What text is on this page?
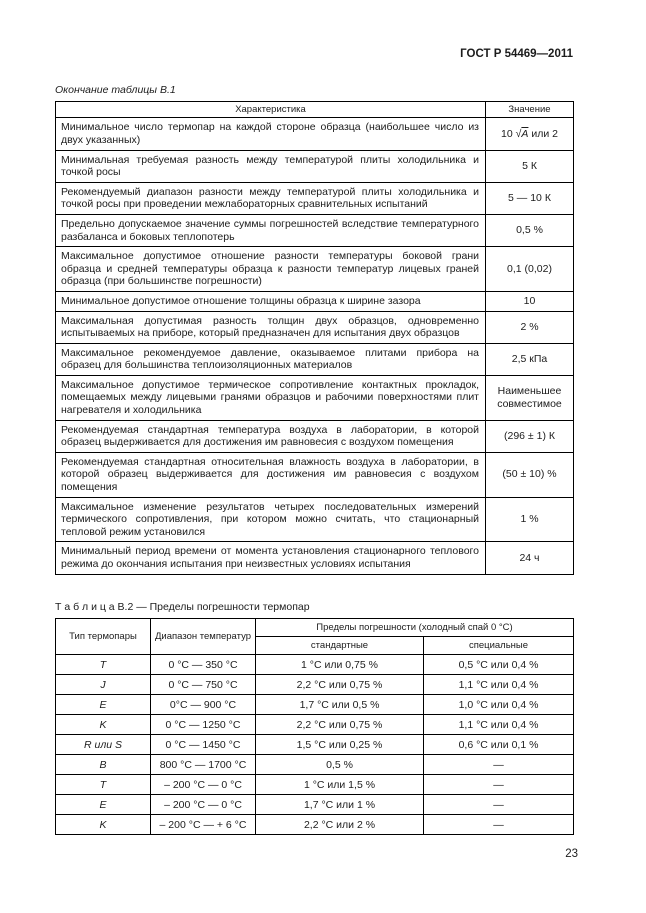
ГОСТ Р 54469—2011
Окончание таблицы В.1
Характеристика	Значение
Минимальное число термопар на каждой стороне образца (наибольшее число из двух указанных)	10 √A или 2
Минимальная требуемая разность между температурой плиты холодильника и точкой росы	5 К
Рекомендуемый диапазон разности между температурой плиты холодильника и точкой росы при проведении межлабораторных сравнительных испытаний	5 — 10 К
Предельно допускаемое значение суммы погрешностей вследствие температурного разбаланса и боковых теплопотерь	0,5 %
Максимальное допустимое отношение разности температуры боковой грани образца и средней температуры образца к разности температур лицевых граней образца (при большинстве погрешности)	0,1 (0,02)
Минимальное допустимое отношение толщины образца к ширине зазора	10
Максимальная допустимая разность толщин двух образцов, одновременно испытываемых на приборе, который предназначен для испытания двух образцов	2 %
Максимальное рекомендуемое давление, оказываемое плитами прибора на образец для большинства теплоизоляционных материалов	2,5 кПа
Максимальное допустимое термическое сопротивление контактных прокладок, помещаемых между лицевыми гранями образцов и рабочими поверхностями плит нагревателя и холодильника	Наименьшее совместимое
Рекомендуемая стандартная температура воздуха в лаборатории, в которой образец выдерживается для достижения им равновесия с воздухом помещения	(296 ± 1) К
Рекомендуемая стандартная относительная влажность воздуха в лаборатории, в которой образец выдерживается для достижения им равновесия с воздухом помещения	(50 ± 10) %
Максимальное изменение результатов четырех последовательных измерений термического сопротивления, при котором можно считать, что стационарный тепловой режим установился	1 %
Минимальный период времени от момента установления стационарного теплового режима до окончания испытания при неизвестных условиях испытания	24 ч
Т а б л и ц а В.2 — Пределы погрешности термопар
Тип термопары	Диапазон температур	Пределы погрешности (холодный спай 0 °С)	
		стандартные	специальные
T	0 °С — 350 °С	1 °С или 0,75 %	0,5 °С или 0,4 %
J	0 °С — 750 °С	2,2 °С или 0,75 %	1,1 °С или 0,4 %
E	0°С — 900 °С	1,7 °С или 0,5 %	1,0 °С или 0,4 %
K	0 °С — 1250 °С	2,2 °С или 0,75 %	1,1 °С или 0,4 %
R или S	0 °С — 1450 °С	1,5 °С или 0,25 %	0,6 °С или 0,1 %
B	800 °С — 1700 °С	0,5 %	—
T	– 200 °С — 0 °С	1 °С или 1,5 %	—
E	– 200 °С — 0 °С	1,7 °С или 1 %	—
K	– 200 °С — + 6 °С	2,2 °С или 2 %	—
23
